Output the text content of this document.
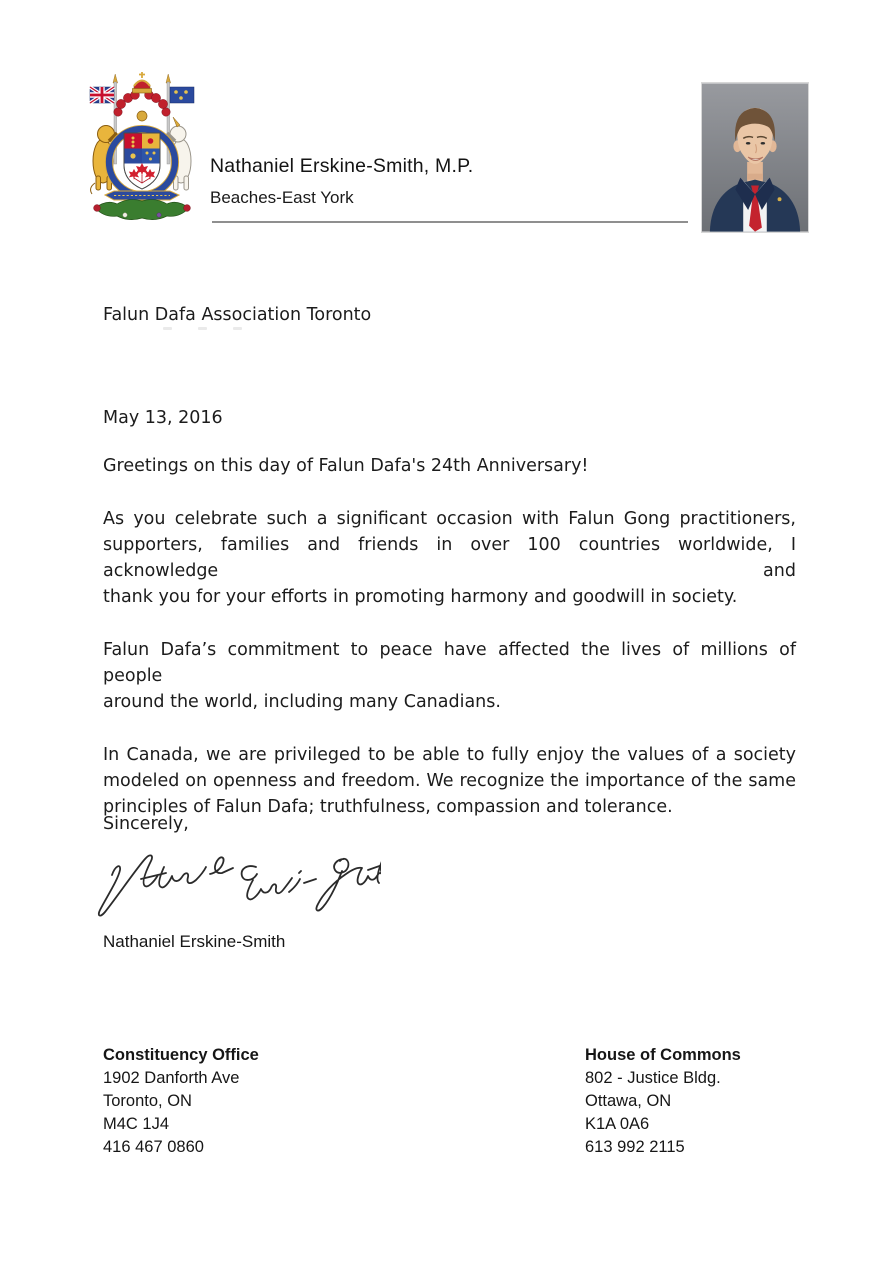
Nathaniel Erskine-Smith, M.P.
Beaches-East York
Falun Dafa Association Toronto
May 13, 2016
Greetings on this day of Falun Dafa's 24th Anniversary!
As you celebrate such a significant occasion with Falun Gong practitioners,
supporters, families and friends in over 100 countries worldwide, I acknowledge and
thank you for your efforts in promoting harmony and goodwill in society.
Falun Dafa’s commitment to peace have affected the lives of millions of people
around the world, including many Canadians.
In Canada, we are privileged to be able to fully enjoy the values of a society
modeled on openness and freedom. We recognize the importance of the same
principles of Falun Dafa; truthfulness, compassion and tolerance.
Sincerely,
Nathaniel Erskine-Smith
Constituency Office
1902 Danforth Ave
Toronto, ON
M4C 1J4
416 467 0860
House of Commons
802 - Justice Bldg.
Ottawa, ON
K1A 0A6
613 992 2115
